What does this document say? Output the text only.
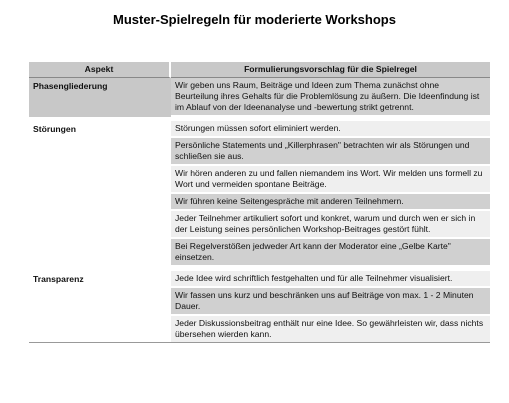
Muster-Spielregeln für moderierte Workshops
Aspekt	Formulierungsvorschlag für die Spielregel
Phasengliederung	Wir geben uns Raum, Beiträge und Ideen zum Thema zunächst ohne Beurteilung ihres Gehalts für die Problemlösung zu äußern. Die Ideenfindung ist im Ablauf von der Ideenanalyse und -bewertung strikt getrennt.

Störungen	Störungen müssen sofort eliminiert werden.
	Persönliche Statements und „Killerphrasen" betrachten wir als Störungen und schließen sie aus.
	Wir hören anderen zu und fallen niemandem ins Wort. Wir melden uns formell zu Wort und vermeiden spontane Beiträge.
	Wir führen keine Seitengespräche mit anderen Teilnehmern.
	Jeder Teilnehmer artikuliert sofort und konkret, warum und durch wen er sich in der Leistung seines persönlichen Workshop-Beitrages gestört fühlt.
	Bei Regelverstößen jedweder Art kann der Moderator eine „Gelbe Karte" einsetzen.

Transparenz	Jede Idee wird schriftlich festgehalten und für alle Teilnehmer visualisiert.
	Wir fassen uns kurz und beschränken uns auf Beiträge von max. 1 - 2 Minuten Dauer.
	Jeder Diskussionsbeitrag enthält nur eine Idee. So gewährleisten wir, dass nichts übersehen wierden kann.
